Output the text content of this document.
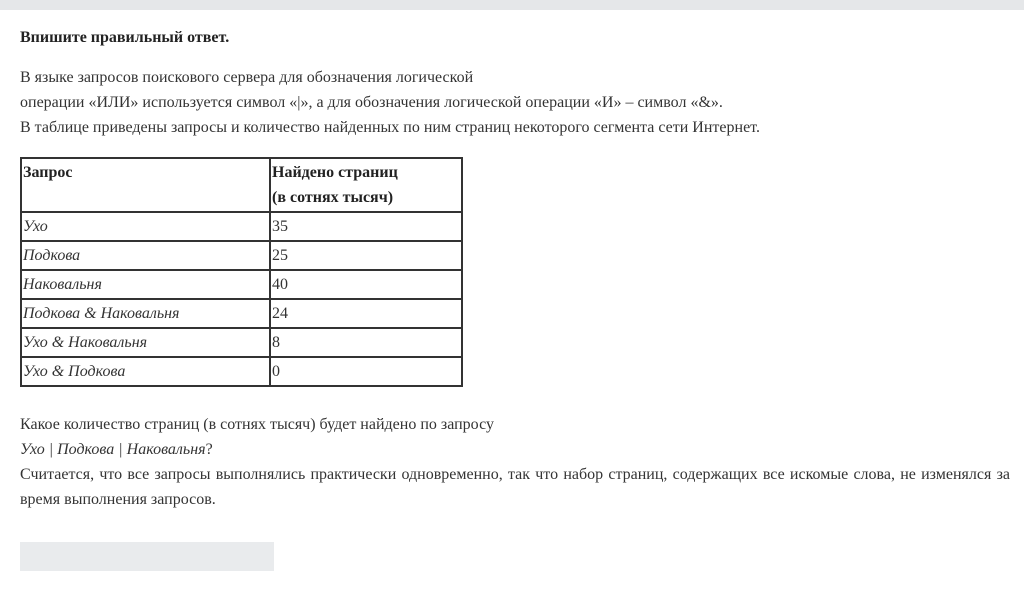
Впишите правильный ответ.

В языке запросов поискового сервера для обозначения логической

операции «ИЛИ» используется символ «|», а для обозначения логической операции «И» – символ «&».

В таблице приведены запросы и количество найденных по ним страниц некоторого сегмента сети Интернет.

Запрос	Найдено страниц
(в сотнях тысяч)
Ухо	35
Подкова	25
Наковальня	40
Подкова & Наковальня	24
Ухо & Наковальня	8
Ухо & Подкова	0

Какое количество страниц (в сотнях тысяч) будет найдено по запросу

Ухо | Подкова | Наковальня?

Считается, что все запросы выполнялись практически одновременно, так что набор страниц, содержащих все искомые слова, не изменялся за время выполнения запросов.
